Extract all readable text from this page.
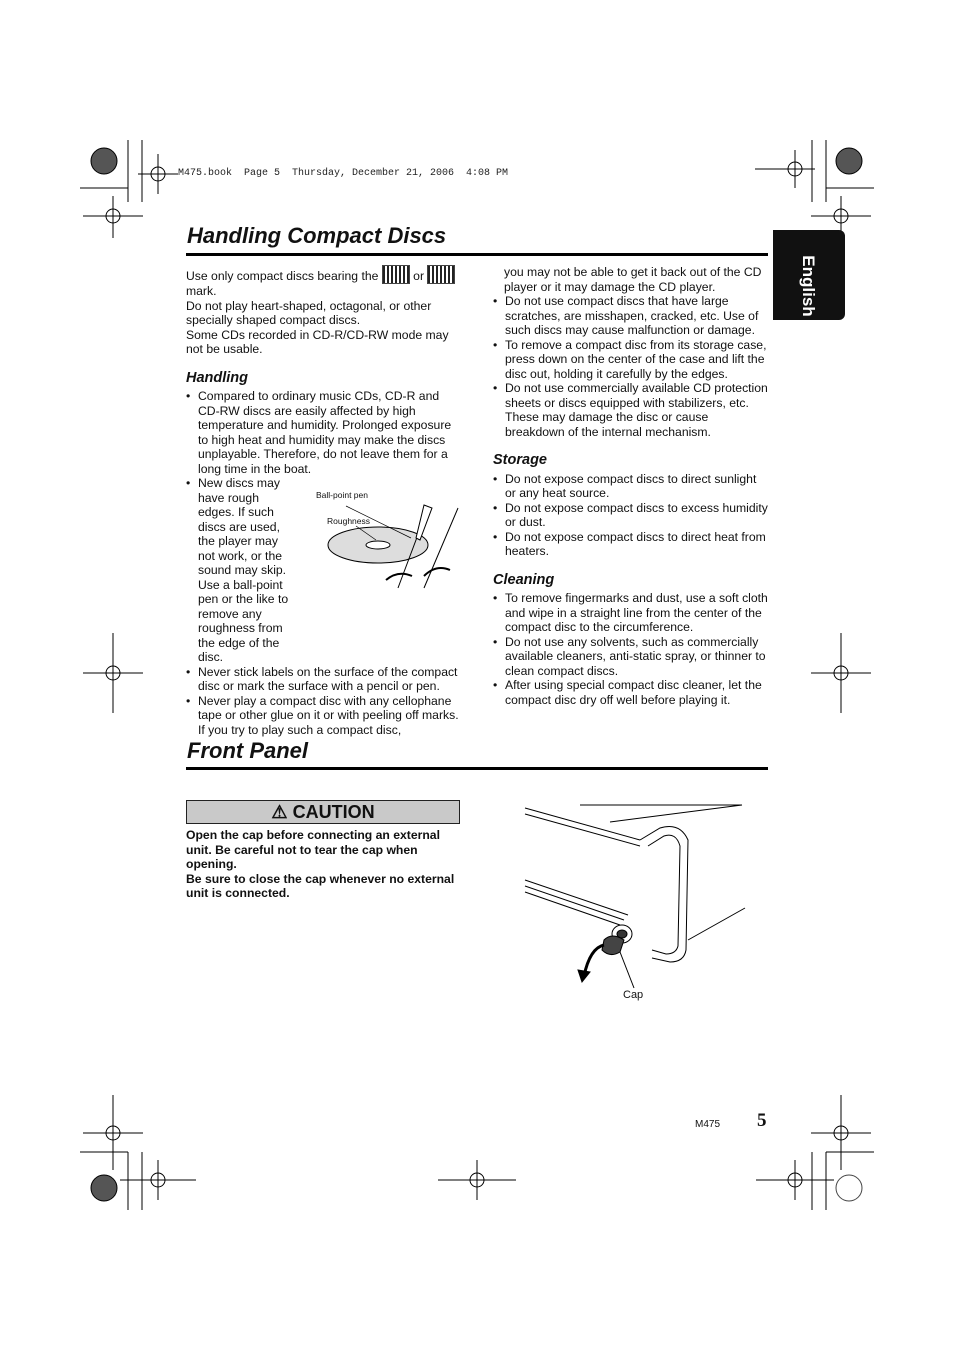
M475.book  Page 5  Thursday, December 21, 2006  4:08 PM
English
Handling Compact Discs

Use only compact discs bearing the	or
mark.

Do not play heart-shaped, octagonal, or other specially shaped compact discs.

Some CDs recorded in CD-R/CD-RW mode may not be usable.

Handling
• Compared to ordinary music CDs, CD-R and CD-RW discs are easily affected by high temperature and humidity. Prolonged exposure to high heat and humidity may make the discs unplayable. Therefore, do not leave them for a long time in the boat.
• New discs may have rough edges. If such discs are used, the player may not work, or the sound may skip. Use a ball-point pen or the like to remove any roughness from the edge of the disc.
• Never stick labels on the surface of the compact disc or mark the surface with a pencil or pen.
• Never play a compact disc with any cellophane tape or other glue on it or with peeling off marks. If you try to play such a compact disc,
Ball-point pen
Roughness

you may not be able to get it back out of the CD player or it may damage the CD player.

• Do not use compact discs that have large scratches, are misshapen, cracked, etc. Use of such discs may cause malfunction or damage.
• To remove a compact disc from its storage case, press down on the center of the case and lift the disc out, holding it carefully by the edges.
• Do not use commercially available CD protection sheets or discs equipped with stabilizers, etc. These may damage the disc or cause breakdown of the internal mechanism.
Storage
• Do not expose compact discs to direct sunlight or any heat source.
• Do not expose compact discs to excess humidity or dust.
• Do not expose compact discs to direct heat from heaters.
Cleaning
• To remove fingermarks and dust, use a soft cloth and wipe in a straight line from the center of the compact disc to the circumference.
• Do not use any solvents, such as commercially available cleaners, anti-static spray, or thinner to clean compact discs.
• After using special compact disc cleaner, let the compact disc dry off well before playing it.
Front Panel
⚠ CAUTION

Open the cap before connecting an external unit. Be careful not to tear the cap when opening.

Be sure to close the cap whenever no external unit is connected.

Cap
M475 5
